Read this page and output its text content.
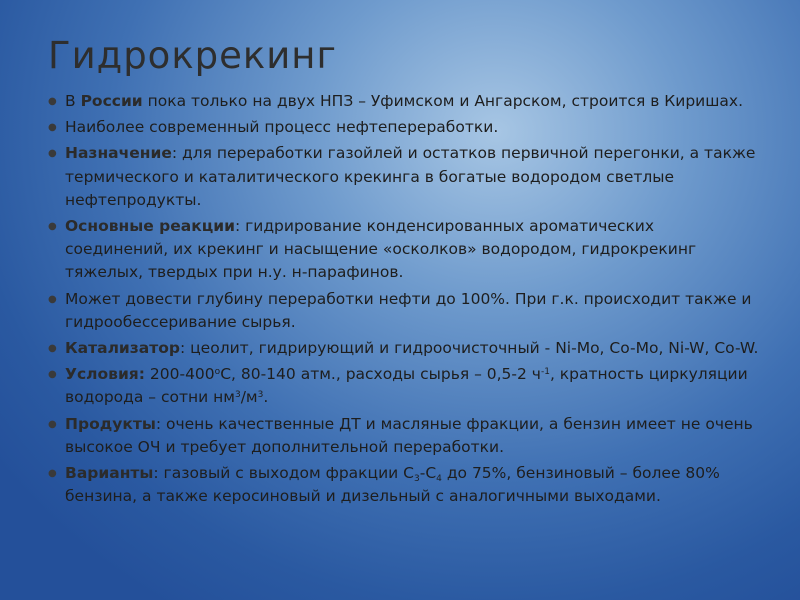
Гидрокрекинг
● В России пока только на двух НПЗ – Уфимском и Ангарском, строится в Киришах.
● Наиболее современный процесс нефтепереработки.
● Назначение: для переработки газойлей и остатков первичной перегонки, а также термического и каталитического крекинга в богатые водородом светлые нефтепродукты.
● Основные реакции: гидрирование конденсированных ароматических соединений, их крекинг и насыщение «осколков» водородом, гидрокрекинг тяжелых, твердых при н.у. н-парафинов.
● Может довести глубину переработки нефти до 100%. При г.к. происходит также и гидрообессеривание сырья.
● Катализатор: цеолит, гидрирующий и гидроочисточный - Ni-Mo, Co-Mo, Ni-W, Co-W.
● Условия: $200-400^оС$, 80-140 атм., расходы сырья – 0,5-2 $ч^{-1}$, кратность циркуляции водорода – сотни $нм^3/м^3$.
● Продукты: очень качественные ДТ и масляные фракции, а бензин имеет не очень высокое ОЧ и требует дополнительной переработки.
● Варианты: газовый с выходом фракции $С_3-С_4$ до 75%, бензиновый – более 80% бензина, а также керосиновый и дизельный с аналогичными выходами.
